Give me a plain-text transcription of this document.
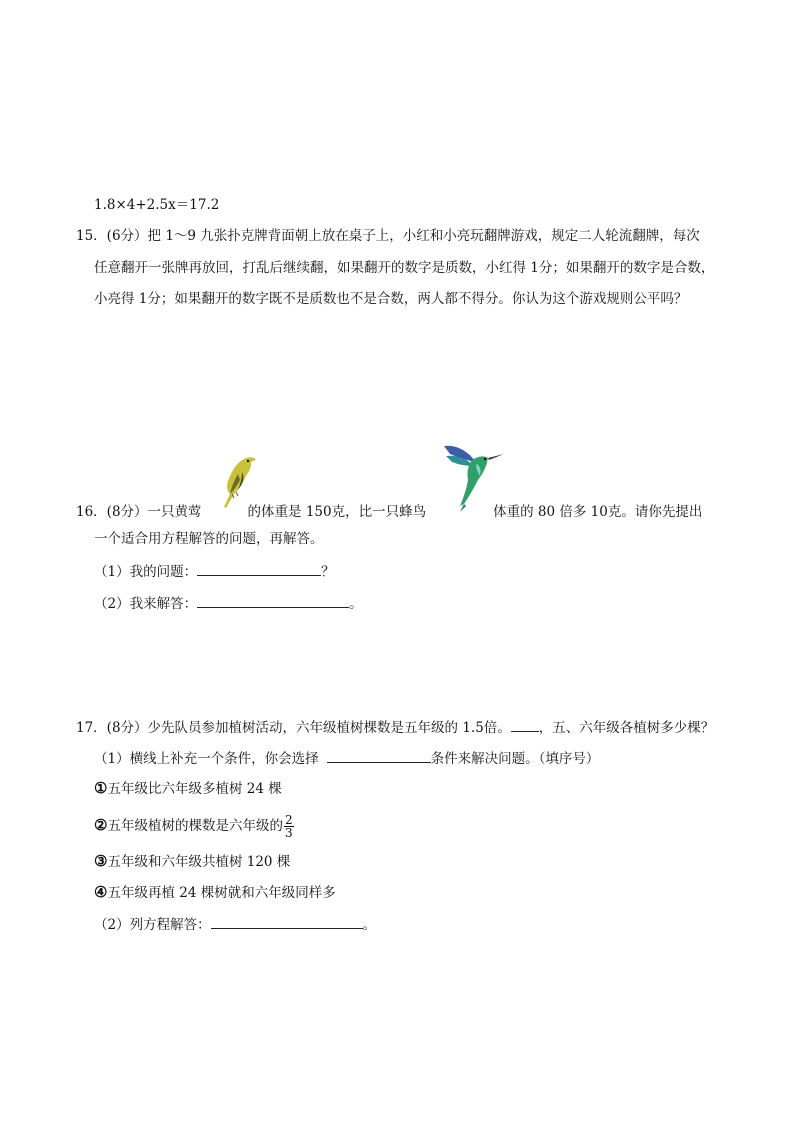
1.8×4+2.5x＝17.2
15．(6分）把 1～9 九张扑克牌背面朝上放在桌子上，小红和小亮玩翻牌游戏，规定二人轮流翻牌，每次
任意翻开一张牌再放回，打乱后继续翻，如果翻开的数字是质数，小红得 1分；如果翻开的数字是合数，
小亮得 1分；如果翻开的数字既不是质数也不是合数，两人都不得分。你认为这个游戏规则公平吗？
16．(8分）一只黄莺	的体重是 150克，比一只蜂鸟	体重的 80 倍多 10克。请你先提出
一个适合用方程解答的问题，再解答。
（1）我的问题：	？
（2）我来解答：	。
17．(8分）少先队员参加植树活动，六年级植树棵数是五年级的 1.5倍。 ，五、六年级各植树多少棵？
（1）横线上补充一个条件，你会选择	条件来解决问题。（填序号）
①五年级比六年级多植树 24 棵
②五年级植树的棵数是六年级的 $\frac{2}{3}$
③五年级和六年级共植树 120 棵
④五年级再植 24 棵树就和六年级同样多
（2）列方程解答：	。
